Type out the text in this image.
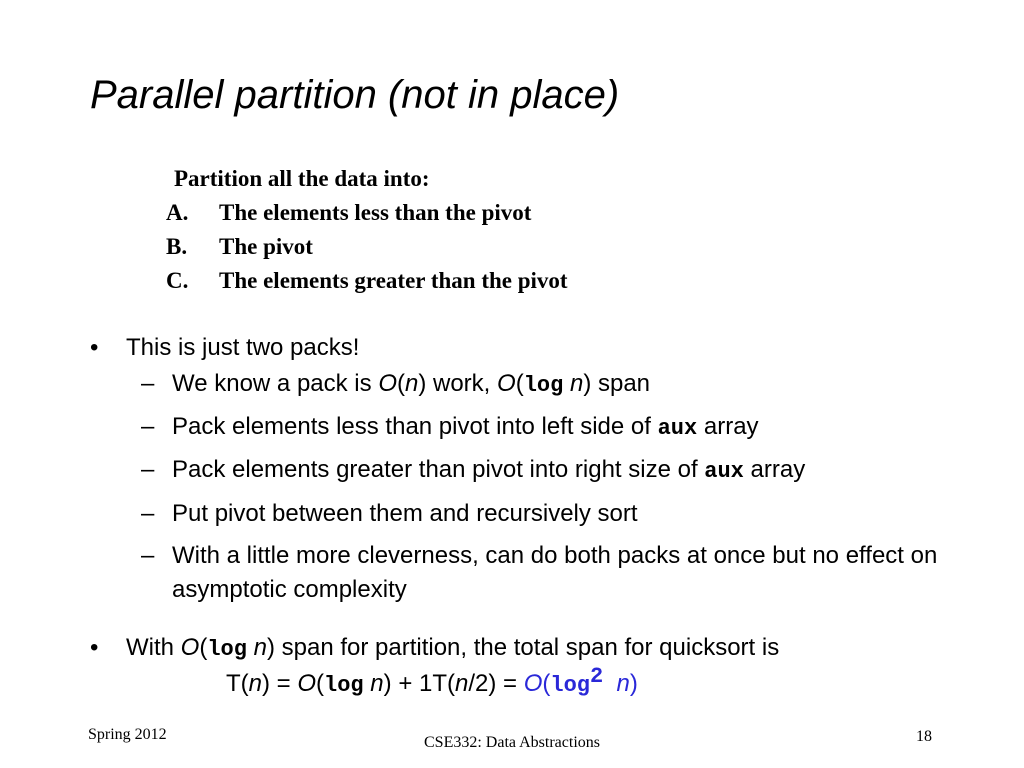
Parallel partition (not in place)
Partition all the data into:
A.	The elements less than the pivot
B.	The pivot
C.	The elements greater than the pivot
• This is just two packs!
– We know a pack is O(n) work, O(log n) span
– Pack elements less than pivot into left side of aux array
– Pack elements greater than pivot into right size of aux array
– Put pivot between them and recursively sort
– With a little more cleverness, can do both packs at once but no effect on asymptotic complexity
• With O(log n) span for partition, the total span for quicksort is
T(n) = O(log $n) + 1T(n/2) = O(\log^2$  n)
Spring 2012	CSE332: Data Abstractions	18
